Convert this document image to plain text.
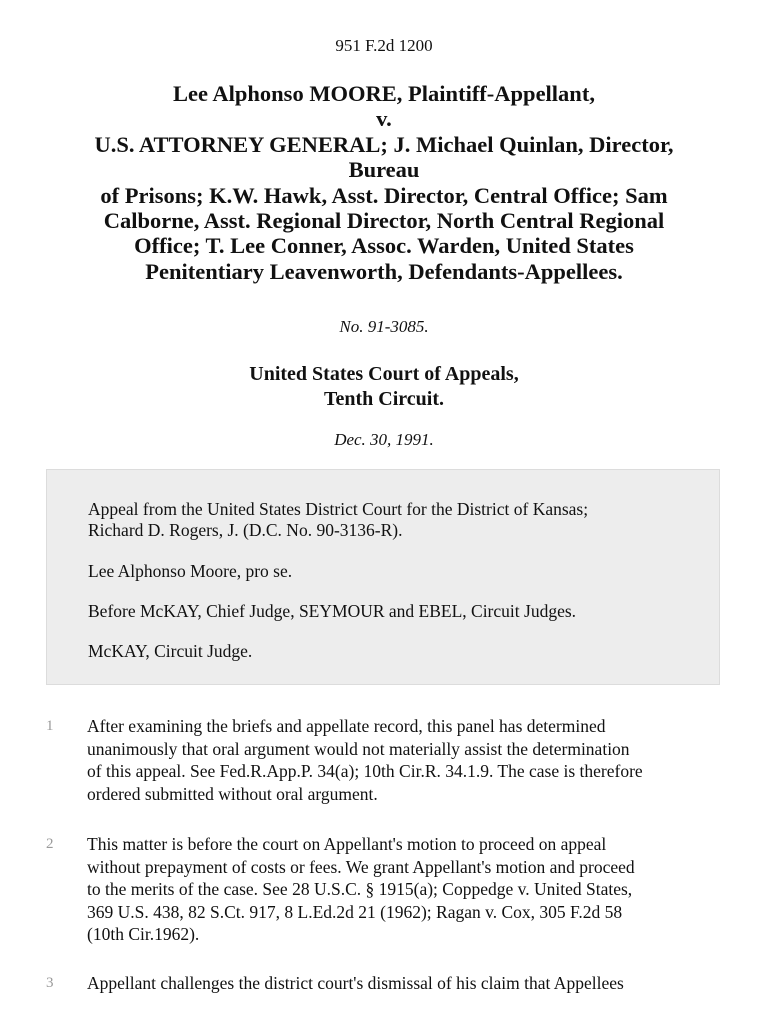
951 F.2d 1200
Lee Alphonso MOORE, Plaintiff-Appellant,
v.
U.S. ATTORNEY GENERAL; J. Michael Quinlan, Director,
Bureau
of Prisons; K.W. Hawk, Asst. Director, Central Office; Sam
Calborne, Asst. Regional Director, North Central Regional
Office; T. Lee Conner, Assoc. Warden, United States
Penitentiary Leavenworth, Defendants-Appellees.
No. 91-3085.
United States Court of Appeals,
Tenth Circuit.
Dec. 30, 1991.

Appeal from the United States District Court for the District of Kansas;
Richard D. Rogers, J. (D.C. No. 90-3136-R).

Lee Alphonso Moore, pro se.

Before McKAY, Chief Judge, SEYMOUR and EBEL, Circuit Judges.

McKAY, Circuit Judge.

1 After examining the briefs and appellate record, this panel has determined
unanimously that oral argument would not materially assist the determination
of this appeal. See Fed.R.App.P. 34(a); 10th Cir.R. 34.1.9. The case is therefore
ordered submitted without oral argument.
2 This matter is before the court on Appellant's motion to proceed on appeal
without prepayment of costs or fees. We grant Appellant's motion and proceed
to the merits of the case. See 28 U.S.C. § 1915(a); Coppedge v. United States,
369 U.S. 438, 82 S.Ct. 917, 8 L.Ed.2d 21 (1962); Ragan v. Cox, 305 F.2d 58
(10th Cir.1962).
3 Appellant challenges the district court's dismissal of his claim that Appellees
